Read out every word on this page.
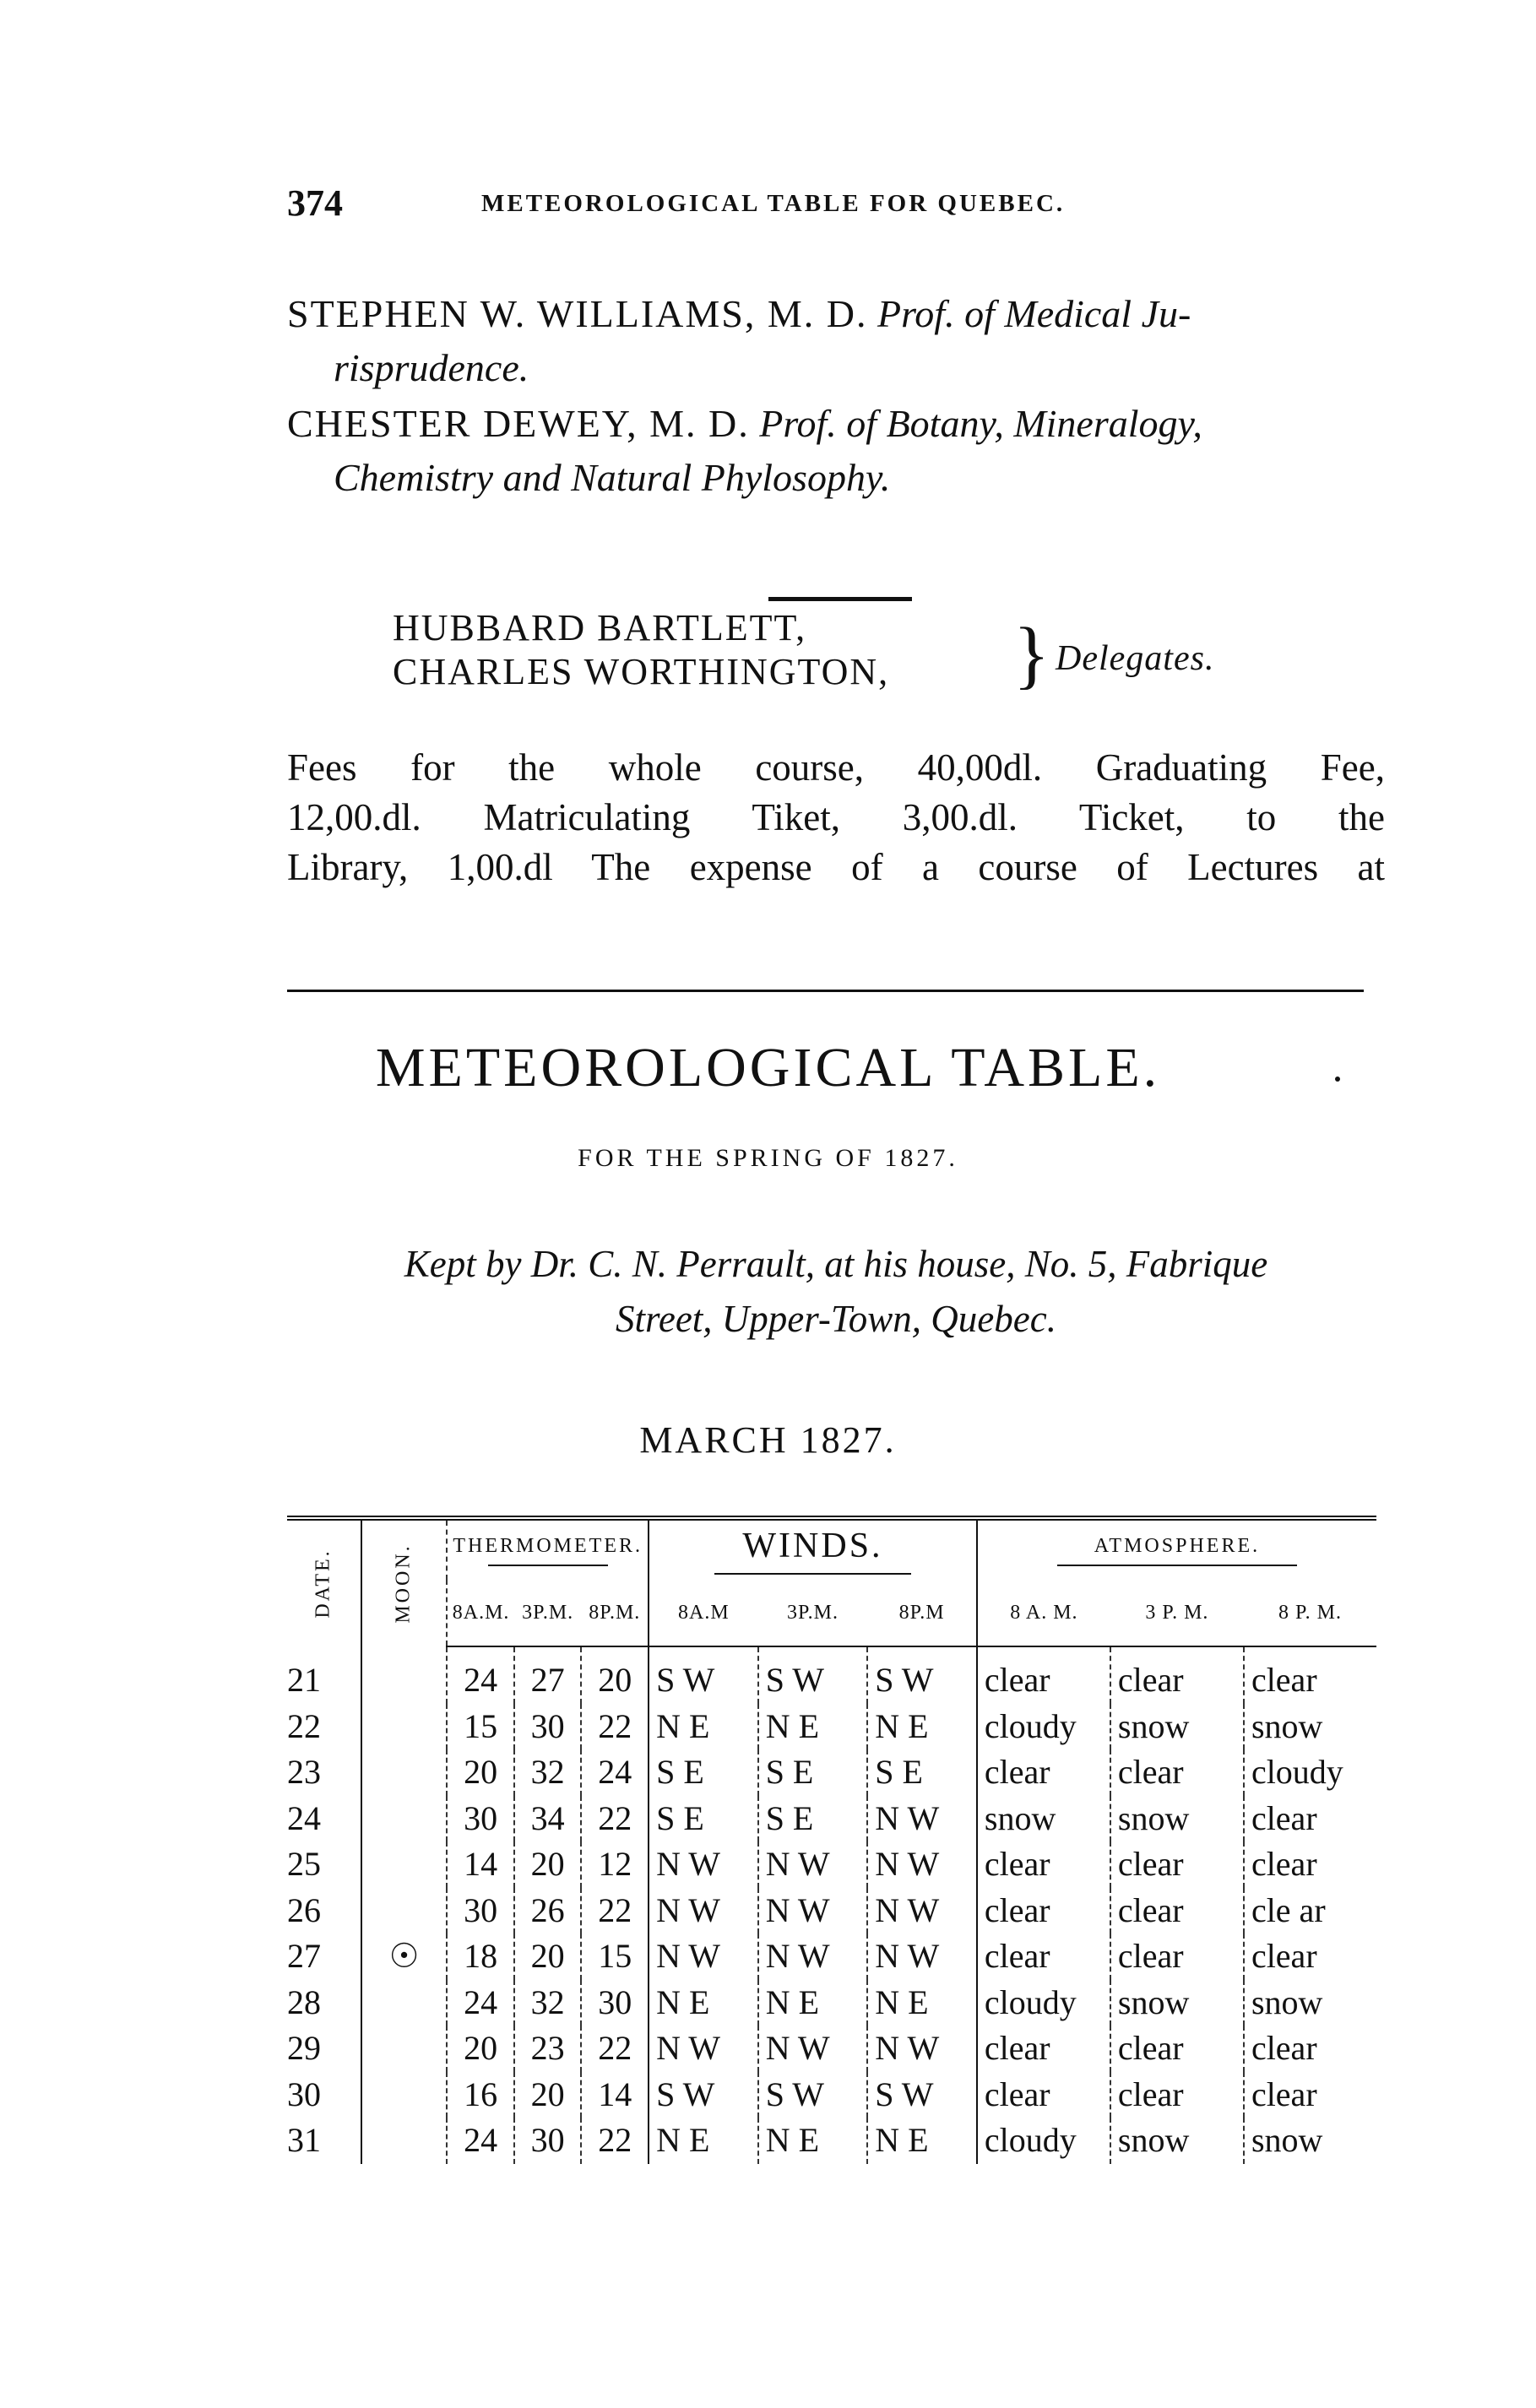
374	METEOROLOGICAL TABLE FOR QUEBEC.
STEPHEN W. WILLIAMS, M. D. Prof. of Medical Ju-
risprudence.
CHESTER DEWEY, M. D. Prof. of Botany, Mineralogy,
Chemistry and Natural Phylosophy.
HUBBARD BARTLETT,
CHARLES WORTHINGTON, } Delegates.
Fees for the whole course, 40,00dl. Graduating Fee,
12,00.dl. Matriculating Tiket, 3,00.dl. Ticket, to the
Library, 1,00.dl The expense of a course of Lectures at
METEOROLOGICAL TABLE.
FOR THE SPRING OF 1827.
Kept by Dr. C. N. Perrault, at his house, No. 5, Fabrique
Street, Upper-Town, Quebec.
MARCH 1827.
DATE.	MOON.	THERMOMETER.			WINDS.			ATMOSPHERE.		

		8A.M.	3P.M.	8P.M.	8A.M	3P.M.	8P.M	8 A. M.	3 P. M.	8 P. M.
21		24	27	20	S W	S W	S W	clear	clear	clear
22		15	30	22	N E	N E	N E	cloudy	snow	snow
23		20	32	24	S E	S E	S E	clear	clear	cloudy
24		30	34	22	S E	S E	N W	snow	snow	clear
25		14	20	12	N W	N W	N W	clear	clear	clear
26		30	26	22	N W	N W	N W	clear	clear	cle ar
27	☉	18	20	15	N W	N W	N W	clear	clear	clear
28		24	32	30	N E	N E	N E	cloudy	snow	snow
29		20	23	22	N W	N W	N W	clear	clear	clear
30		16	20	14	S W	S W	S W	clear	clear	clear
31		24	30	22	N E	N E	N E	cloudy	snow	snow
